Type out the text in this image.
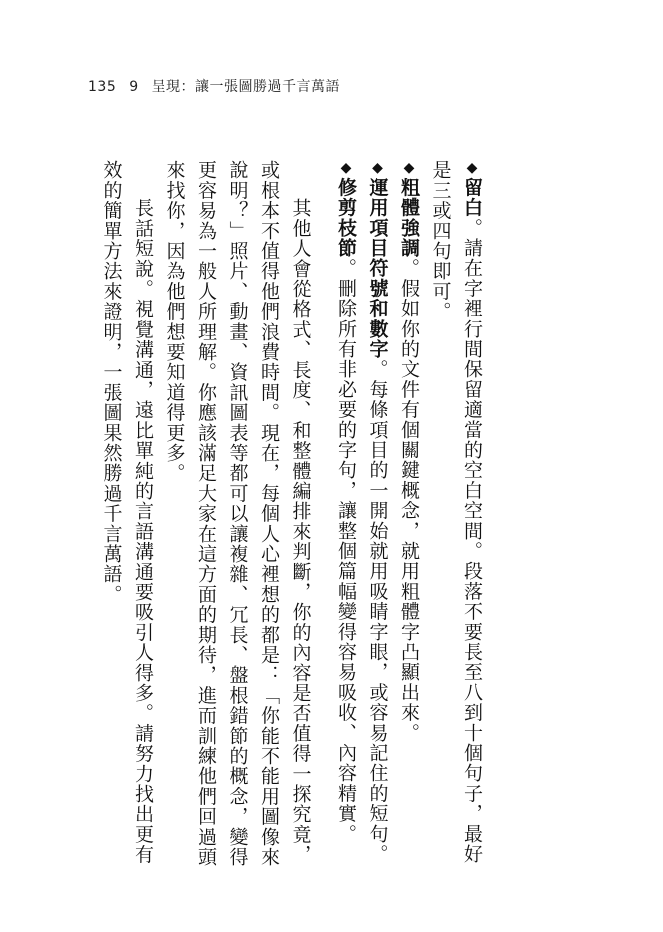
135 9 呈現：讓一張圖勝過千言萬語

◆留白。請在字裡行間保留適當的空白空間。段落不要長至八到十個句子，最好是三或四句即可。

◆粗體強調。假如你的文件有個關鍵概念，就用粗體字凸顯出來。

◆運用項目符號和數字。每條項目的一開始就用吸睛字眼，或容易記住的短句。

◆修剪枝節。刪除所有非必要的字句，讓整個篇幅變得容易吸收、內容精實。

其他人會從格式、長度、和整體編排來判斷，你的內容是否值得一探究竟，或根本不值得他們浪費時間。現在，每個人心裡想的都是：「你能不能用圖像來說明？」照片、動畫、資訊圖表等都可以讓複雜、冗長、盤根錯節的概念，變得更容易為一般人所理解。你應該滿足大家在這方面的期待，進而訓練他們回過頭來找你，因為他們想要知道得更多。

長話短說。視覺溝通，遠比單純的言語溝通要吸引人得多。請努力找出更有效的簡單方法來證明，一張圖果然勝過千言萬語。
